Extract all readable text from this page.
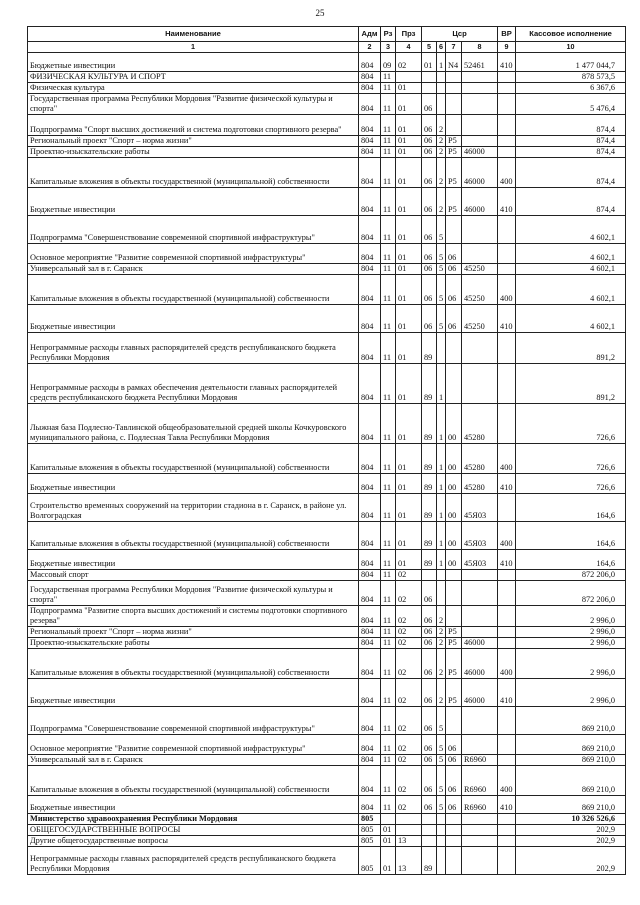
25
Наименование	Адм	Рз	Прз	Цср				ВР	Кассовое исполнение
1	2	3	4	5	6	7	8	9	10
Бюджетные инвестиции	804	09	02	01	1	N4	52461	410	1 477 044,7
ФИЗИЧЕСКАЯ КУЛЬТУРА И СПОРТ	804	11							878 573,5
Физическая культура	804	11	01						6 367,6
Государственная программа Республики Мордовия "Развитие физической культуры и спорта"	804	11	01	06					5 476,4
Подпрограмма "Спорт высших достижений и система подготовки спортивного резерва"	804	11	01	06	2				874,4
Региональный проект "Спорт – норма жизни"	804	11	01	06	2	P5			874,4
Проектно-изыскательские работы	804	11	01	06	2	P5	46000		874,4
Капитальные вложения в объекты государственной (муниципальной) собственности	804	11	01	06	2	P5	46000	400	874,4
Бюджетные инвестиции	804	11	01	06	2	P5	46000	410	874,4
Подпрограмма "Совершенствование современной спортивной инфраструктуры"	804	11	01	06	5				4 602,1
Основное мероприятие "Развитие современной спортивной инфраструктуры"	804	11	01	06	5	06			4 602,1
Универсальный зал в г. Саранск	804	11	01	06	5	06	45250		4 602,1
Капитальные вложения в объекты государственной (муниципальной) собственности	804	11	01	06	5	06	45250	400	4 602,1
Бюджетные инвестиции	804	11	01	06	5	06	45250	410	4 602,1
Непрограммные расходы главных распорядителей средств республиканского бюджета Республики Мордовия	804	11	01	89					891,2
Непрограммные расходы в рамках обеспечения деятельности главных распорядителей средств республиканского бюджета Республики Мордовия	804	11	01	89	1				891,2
Лыжная база Подлесно-Тавлинской общеобразовательной средней школы Кочкуровского муниципального района, с. Подлесная Тавла Республики Мордовия	804	11	01	89	1	00	45280		726,6
Капитальные вложения в объекты государственной (муниципальной) собственности	804	11	01	89	1	00	45280	400	726,6
Бюджетные инвестиции	804	11	01	89	1	00	45280	410	726,6
Строительство временных сооружений на территории стадиона в г. Саранск, в районе ул. Волгоградская	804	11	01	89	1	00	45Я03		164,6
Капитальные вложения в объекты государственной (муниципальной) собственности	804	11	01	89	1	00	45Я03	400	164,6
Бюджетные инвестиции	804	11	01	89	1	00	45Я03	410	164,6
Массовый спорт	804	11	02						872 206,0
Государственная программа Республики Мордовия "Развитие физической культуры и спорта"	804	11	02	06					872 206,0
Подпрограмма "Развитие спорта высших достижений и системы подготовки спортивного резерва"	804	11	02	06	2				2 996,0
Региональный проект "Спорт – норма жизни"	804	11	02	06	2	P5			2 996,0
Проектно-изыскательские работы	804	11	02	06	2	P5	46000		2 996,0
Капитальные вложения в объекты государственной (муниципальной) собственности	804	11	02	06	2	P5	46000	400	2 996,0
Бюджетные инвестиции	804	11	02	06	2	P5	46000	410	2 996,0
Подпрограмма "Совершенствование современной спортивной инфраструктуры"	804	11	02	06	5				869 210,0
Основное мероприятие "Развитие современной спортивной инфраструктуры"	804	11	02	06	5	06			869 210,0
Универсальный зал в г. Саранск	804	11	02	06	5	06	R6960		869 210,0
Капитальные вложения в объекты государственной (муниципальной) собственности	804	11	02	06	5	06	R6960	400	869 210,0
Бюджетные инвестиции	804	11	02	06	5	06	R6960	410	869 210,0
Министерство здравоохранения Республики Мордовия	805								10 326 526,6
ОБЩЕГОСУДАРСТВЕННЫЕ ВОПРОСЫ	805	01							202,9
Другие общегосударственные вопросы	805	01	13						202,9
Непрограммные расходы главных распорядителей средств республиканского бюджета Республики Мордовия	805	01	13	89					202,9
